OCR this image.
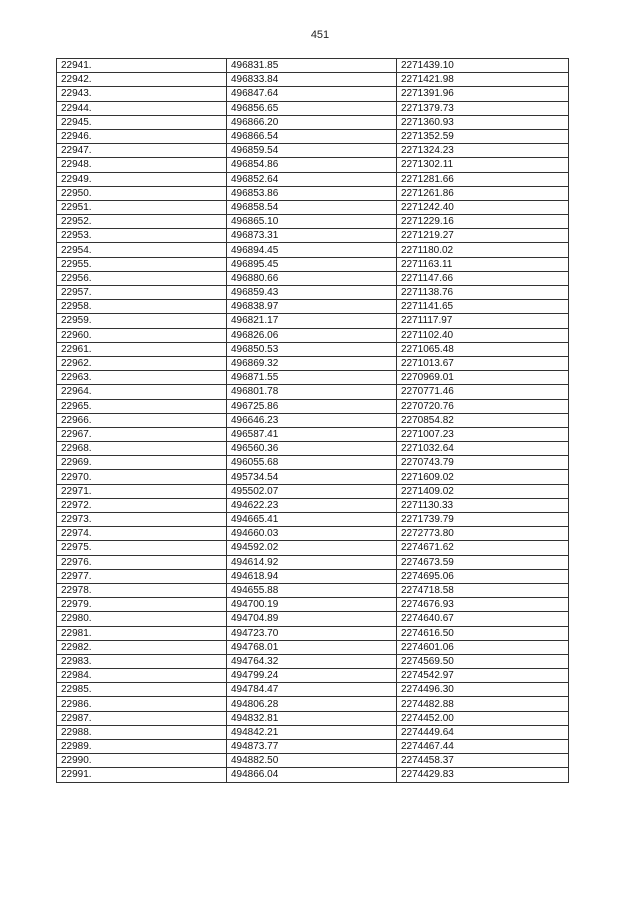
451
22941.	496831.85	2271439.10
22942.	496833.84	2271421.98
22943.	496847.64	2271391.96
22944.	496856.65	2271379.73
22945.	496866.20	2271360.93
22946.	496866.54	2271352.59
22947.	496859.54	2271324.23
22948.	496854.86	2271302.11
22949.	496852.64	2271281.66
22950.	496853.86	2271261.86
22951.	496858.54	2271242.40
22952.	496865.10	2271229.16
22953.	496873.31	2271219.27
22954.	496894.45	2271180.02
22955.	496895.45	2271163.11
22956.	496880.66	2271147.66
22957.	496859.43	2271138.76
22958.	496838.97	2271141.65
22959.	496821.17	2271117.97
22960.	496826.06	2271102.40
22961.	496850.53	2271065.48
22962.	496869.32	2271013.67
22963.	496871.55	2270969.01
22964.	496801.78	2270771.46
22965.	496725.86	2270720.76
22966.	496646.23	2270854.82
22967.	496587.41	2271007.23
22968.	496560.36	2271032.64
22969.	496055.68	2270743.79
22970.	495734.54	2271609.02
22971.	495502.07	2271409.02
22972.	494622.23	2271130.33
22973.	494665.41	2271739.79
22974.	494660.03	2272773.80
22975.	494592.02	2274671.62
22976.	494614.92	2274673.59
22977.	494618.94	2274695.06
22978.	494655.88	2274718.58
22979.	494700.19	2274676.93
22980.	494704.89	2274640.67
22981.	494723.70	2274616.50
22982.	494768.01	2274601.06
22983.	494764.32	2274569.50
22984.	494799.24	2274542.97
22985.	494784.47	2274496.30
22986.	494806.28	2274482.88
22987.	494832.81	2274452.00
22988.	494842.21	2274449.64
22989.	494873.77	2274467.44
22990.	494882.50	2274458.37
22991.	494866.04	2274429.83
